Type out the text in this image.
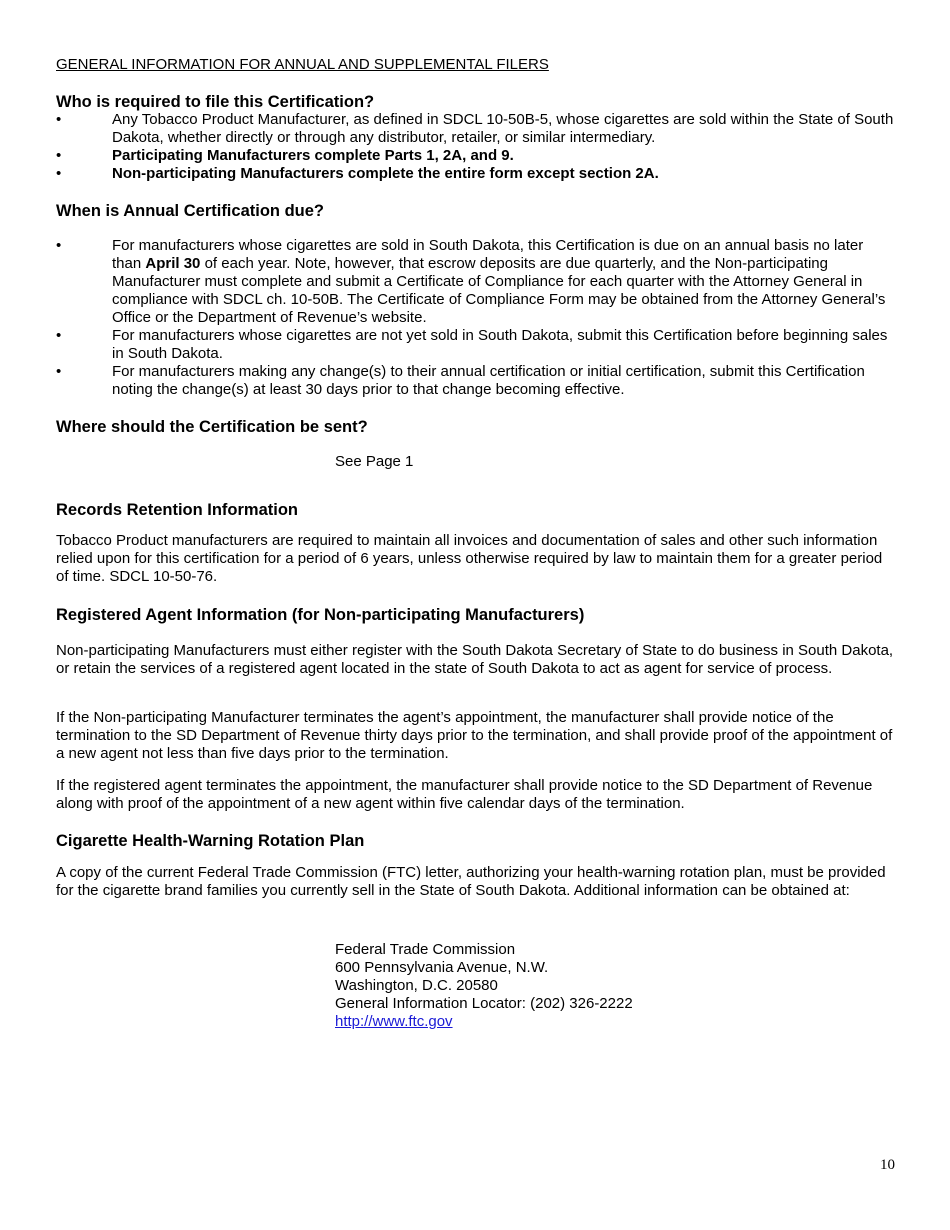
GENERAL INFORMATION FOR ANNUAL AND SUPPLEMENTAL FILERS
Who is required to file this Certification?
•	Any Tobacco Product Manufacturer, as defined in SDCL 10-50B-5, whose cigarettes are sold within the State of South Dakota, whether directly or through any distributor, retailer, or similar intermediary.
•	Participating Manufacturers complete Parts 1, 2A, and 9.
•	Non-participating Manufacturers complete the entire form except section 2A.
When is Annual Certification due?
•	For manufacturers whose cigarettes are sold in South Dakota, this Certification is due on an annual basis no later than April 30 of each year. Note, however, that escrow deposits are due quarterly, and the Non-participating Manufacturer must complete and submit a Certificate of Compliance for each quarter with the Attorney General in compliance with SDCL ch. 10-50B. The Certificate of Compliance Form may be obtained from the Attorney General’s Office or the Department of Revenue’s website.
•	For manufacturers whose cigarettes are not yet sold in South Dakota, submit this Certification before beginning sales in South Dakota.
•	For manufacturers making any change(s) to their annual certification or initial certification, submit this Certification noting the change(s) at least 30 days prior to that change becoming effective.
Where should the Certification be sent?

See Page 1

Records Retention Information

Tobacco Product manufacturers are required to maintain all invoices and documentation of sales and other such information relied upon for this certification for a period of 6 years, unless otherwise required by law to maintain them for a greater period of time. SDCL 10-50-76.

Registered Agent Information (for Non-participating Manufacturers)

Non-participating Manufacturers must either register with the South Dakota Secretary of State to do business in South Dakota, or retain the services of a registered agent located in the state of South Dakota to act as agent for service of process.

If the Non-participating Manufacturer terminates the agent’s appointment, the manufacturer shall provide notice of the termination to the SD Department of Revenue thirty days prior to the termination, and shall provide proof of the appointment of a new agent not less than five days prior to the termination.

If the registered agent terminates the appointment, the manufacturer shall provide notice to the SD Department of Revenue along with proof of the appointment of a new agent within five calendar days of the termination.

Cigarette Health-Warning Rotation Plan

A copy of the current Federal Trade Commission (FTC) letter, authorizing your health-warning rotation plan, must be provided for the cigarette brand families you currently sell in the State of South Dakota. Additional information can be obtained at:

Federal Trade Commission
600 Pennsylvania Avenue, N.W.
Washington, D.C. 20580
General Information Locator: (202) 326-2222
http://www.ftc.gov
10
